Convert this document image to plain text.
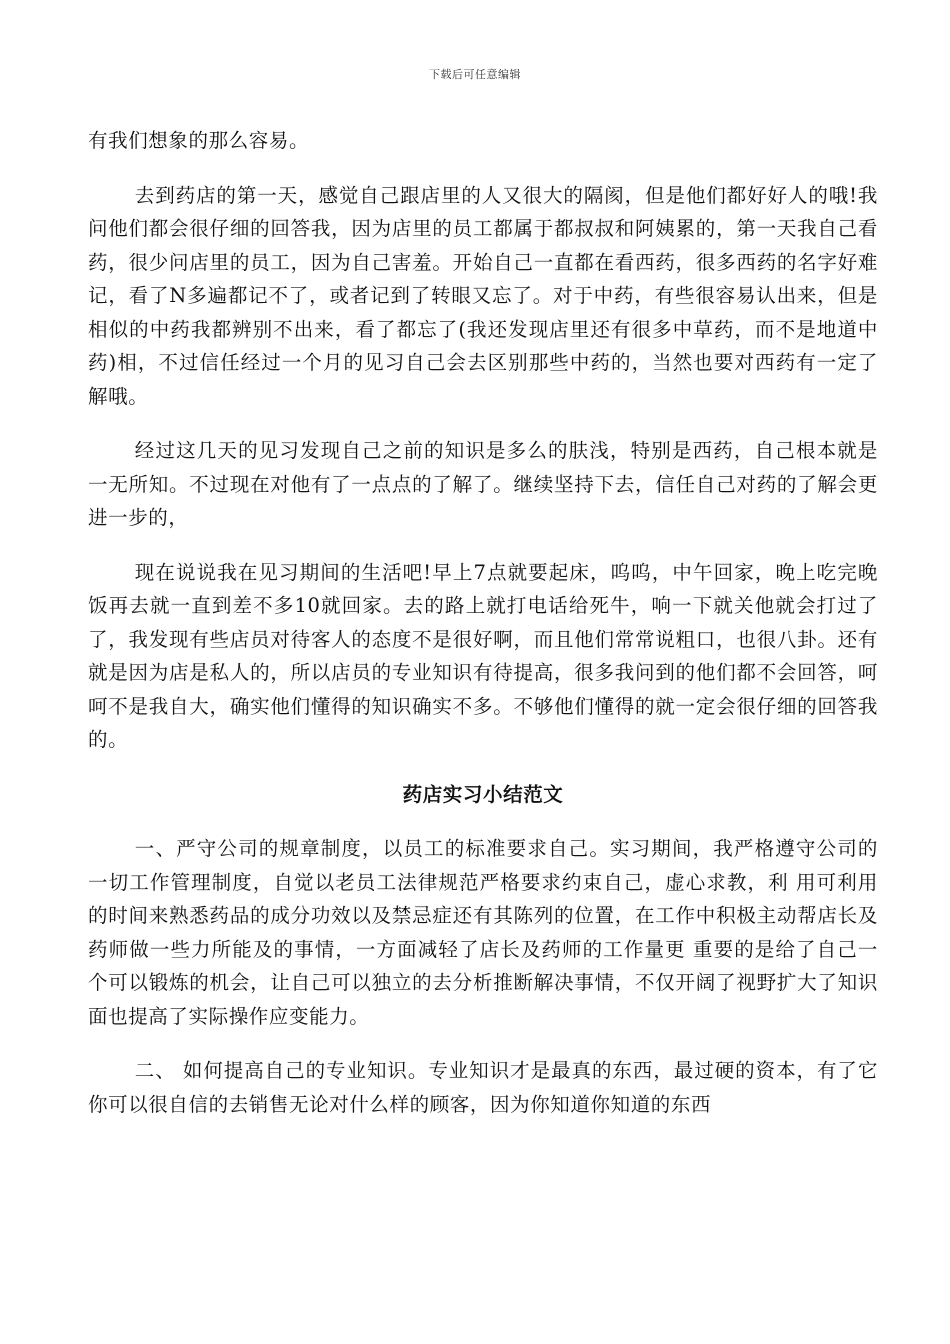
下载后可任意编辑

有我们想象的那么容易。

去到药店的第一天，感觉自己跟店里的人又很大的隔阂，但是他们都好好人的哦!我问他们都会很仔细的回答我，因为店里的员工都属于都叔叔和阿姨累的，第一天我自己看药，很少问店里的员工，因为自己害羞。开始自己一直都在看西药，很多西药的名字好难记，看了N多遍都记不了，或者记到了转眼又忘了。对于中药，有些很容易认出来，但是相似的中药我都辨别不出来，看了都忘了(我还发现店里还有很多中草药，而不是地道中药)相，不过信任经过一个月的见习自己会去区别那些中药的，当然也要对西药有一定了解哦。

经过这几天的见习发现自己之前的知识是多么的肤浅，特别是西药，自己根本就是一无所知。不过现在对他有了一点点的了解了。继续坚持下去，信任自己对药的了解会更进一步的，

现在说说我在见习期间的生活吧!早上7点就要起床，呜呜，中午回家，晚上吃完晚饭再去就一直到差不多10就回家。去的路上就打电话给死牛，响一下就关他就会打过了了，我发现有些店员对待客人的态度不是很好啊，而且他们常常说粗口，也很八卦。还有就是因为店是私人的，所以店员的专业知识有待提高，很多我问到的他们都不会回答，呵呵不是我自大，确实他们懂得的知识确实不多。不够他们懂得的就一定会很仔细的回答我的。

药店实习小结范文

一、严守公司的规章制度，以员工的标准要求自己。实习期间，我严格遵守公司的一切工作管理制度，自觉以老员工法律规范严格要求约束自己，虚心求教，利 用可利用的时间来熟悉药品的成分功效以及禁忌症还有其陈列的位置，在工作中积极主动帮店长及药师做一些力所能及的事情，一方面减轻了店长及药师的工作量更 重要的是给了自己一个可以锻炼的机会，让自己可以独立的去分析推断解决事情，不仅开阔了视野扩大了知识面也提高了实际操作应变能力。

二、 如何提高自己的专业知识。专业知识才是最真的东西，最过硬的资本，有了它你可以很自信的去销售无论对什么样的顾客，因为你知道你知道的东西
